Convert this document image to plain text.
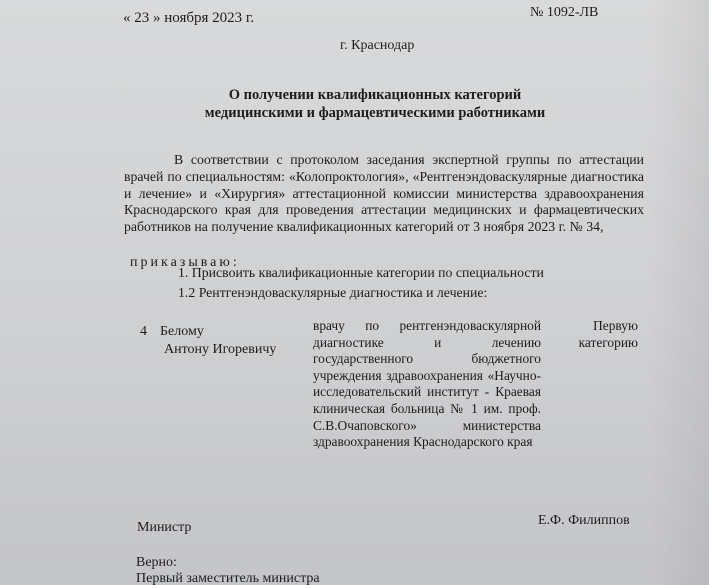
« 23 » ноября 2023 г.	№ 1092-ЛВ
г. Краснодар
О получении квалификационных категорий
медицинскими и фармацевтическими работниками

В соответствии с протоколом заседания экспертной группы по аттестации врачей по специальностям: «Колопроктология», «Рентгенэндоваскулярные диагностика и лечение» и «Хирургия» аттестационной комиссии министерства здравоохранения Краснодарского края для проведения аттестации медицинских и фармацевтических работников на получение квалификационных категорий от 3 ноября 2023 г. № 34,

приказываю:
1. Присвоить квалификационные категории по специальности
1.2 Рентгенэндоваскулярные диагностика и лечение:
4 Белому
Антону Игоревичу
врачу по рентгенэндоваскулярной диагностике и лечению государственного бюджетного учреждения здравоохранения «Научно-исследовательский институт - Краевая клиническая больница № 1 им. проф. С.В.Очаповского» министерства здравоохранения Краснодарского края
Первую категорию
Министр	Е.Ф. Филиппов
Верно:
Первый заместитель министра
